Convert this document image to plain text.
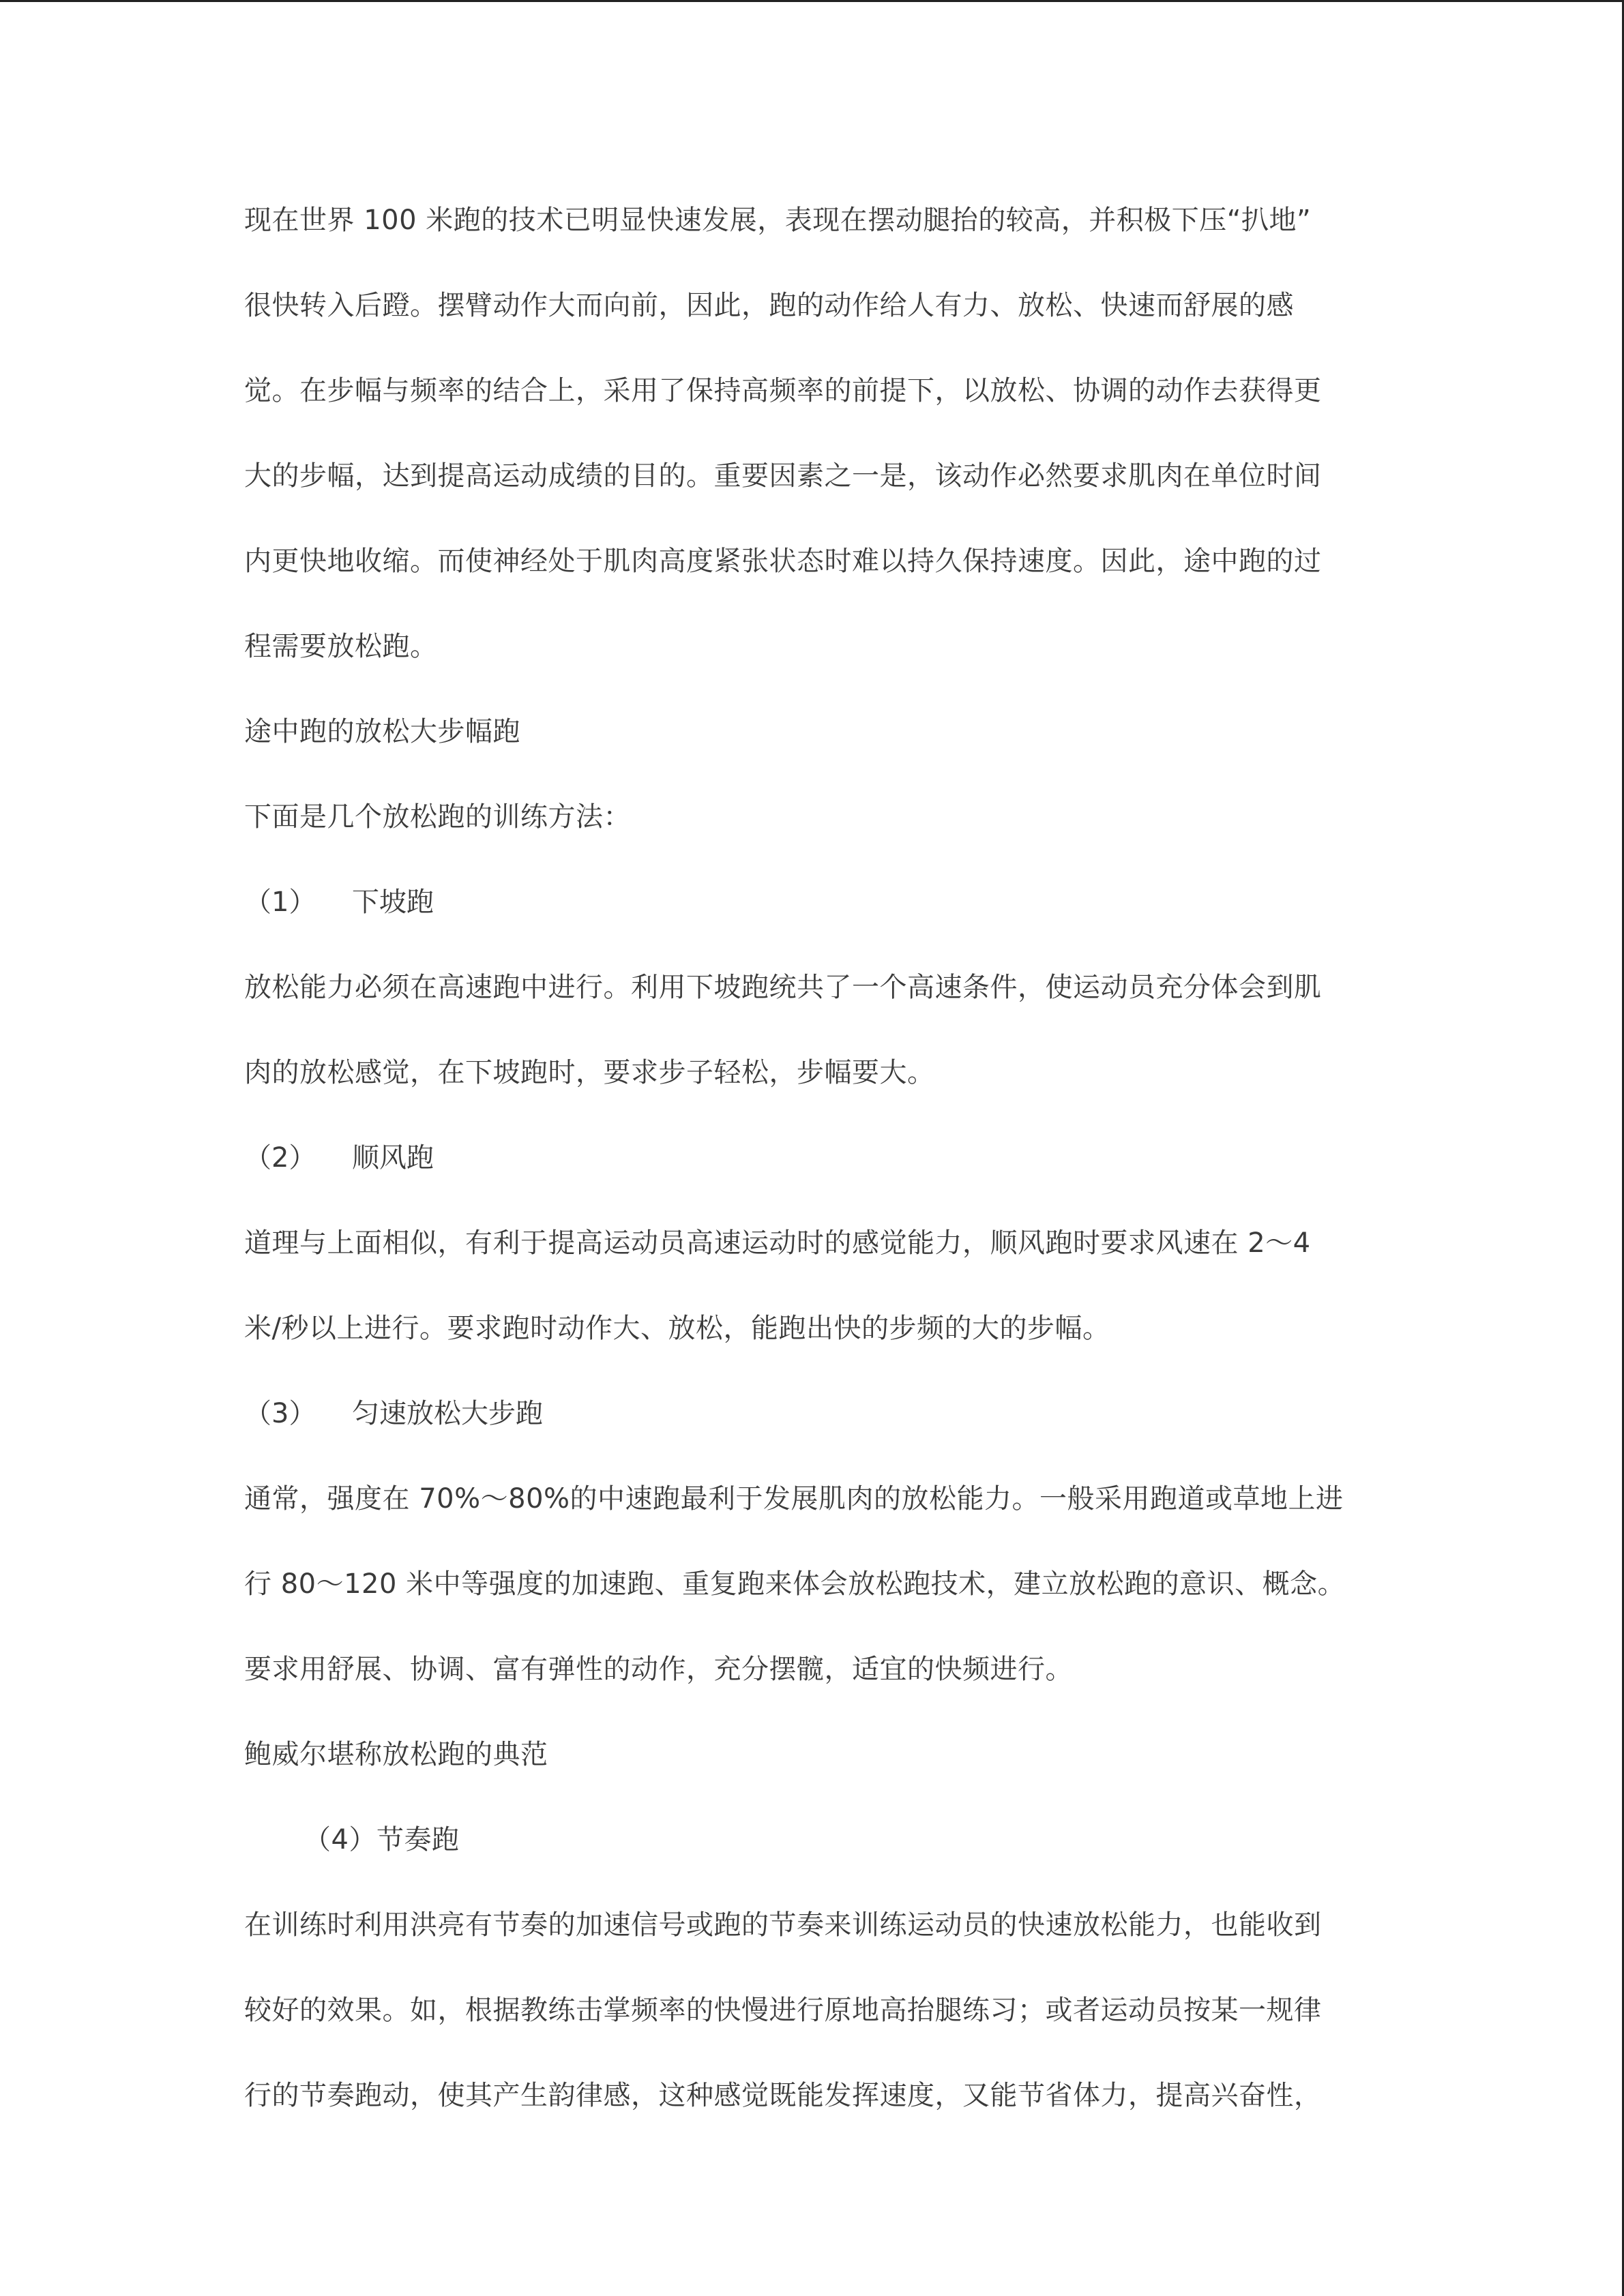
现在世界 100 米跑的技术已明显快速发展，表现在摆动腿抬的较高，并积极下压“扒地”
很快转入后蹬。摆臂动作大而向前，因此，跑的动作给人有力、放松、快速而舒展的感
觉。在步幅与频率的结合上，采用了保持高频率的前提下，以放松、协调的动作去获得更
大的步幅，达到提高运动成绩的目的。重要因素之一是，该动作必然要求肌肉在单位时间
内更快地收缩。而使神经处于肌肉高度紧张状态时难以持久保持速度。因此，途中跑的过
程需要放松跑。
途中跑的放松大步幅跑
下面是几个放松跑的训练方法：
（1） 下坡跑
放松能力必须在高速跑中进行。利用下坡跑统共了一个高速条件，使运动员充分体会到肌
肉的放松感觉，在下坡跑时，要求步子轻松，步幅要大。
（2） 顺风跑
道理与上面相似，有利于提高运动员高速运动时的感觉能力，顺风跑时要求风速在 2～4
米/秒以上进行。要求跑时动作大、放松，能跑出快的步频的大的步幅。
（3） 匀速放松大步跑
通常，强度在 70%～80%的中速跑最利于发展肌肉的放松能力。一般采用跑道或草地上进
行 80～120 米中等强度的加速跑、重复跑来体会放松跑技术，建立放松跑的意识、概念。
要求用舒展、协调、富有弹性的动作，充分摆髋，适宜的快频进行。
鲍威尔堪称放松跑的典范
（4）节奏跑
在训练时利用洪亮有节奏的加速信号或跑的节奏来训练运动员的快速放松能力，也能收到
较好的效果。如，根据教练击掌频率的快慢进行原地高抬腿练习；或者运动员按某一规律
行的节奏跑动，使其产生韵律感，这种感觉既能发挥速度，又能节省体力，提高兴奋性，
